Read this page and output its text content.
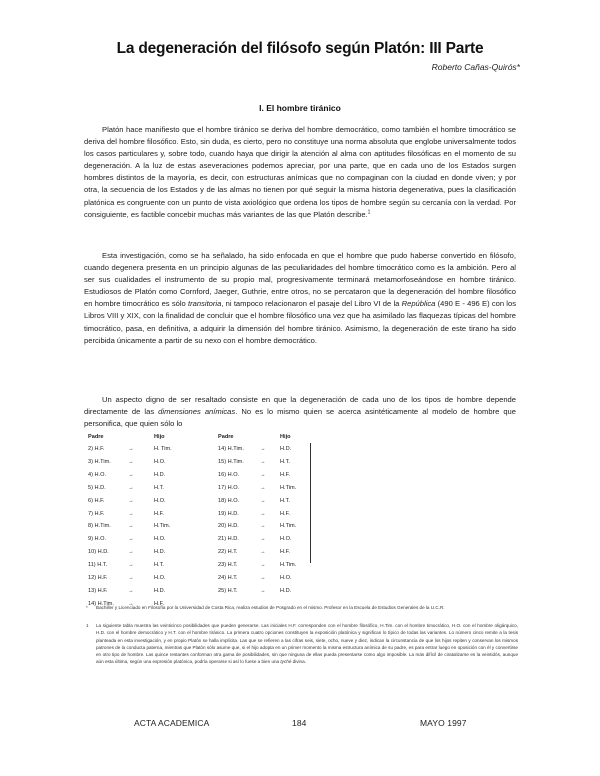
La degeneración del filósofo según Platón: III Parte
Roberto Cañas-Quirós*
I. El hombre tiránico

Platón hace manifiesto que el hombre tiránico se deriva del hombre democrático, como también el hombre timocrático se deriva del hombre filosófico. Esto, sin duda, es cierto, pero no constituye una norma absoluta que englobe universalmente todos los casos particulares y, sobre todo, cuando haya que dirigir la atención al alma con aptitudes filosóficas en el momento de su degeneración. A la luz de estas aseveraciones podemos apreciar, por una parte, que en cada uno de los Estados surgen hombres distintos de la mayoría, es decir, con estructuras anímicas que no compaginan con la ciudad en donde viven; y por otra, la secuencia de los Estados y de las almas no tienen por qué seguir la misma historia degenerativa, pues la clasificación platónica es congruente con un punto de vista axiológico que ordena los tipos de hombre según su cercanía con la verdad. Por consiguiente, es factible concebir muchas más variantes de las que Platón describe.$^1$

Esta investigación, como se ha señalado, ha sido enfocada en que el hombre que pudo haberse convertido en filósofo, cuando degenera presenta en un principio algunas de las peculiaridades del hombre timocrático como es la ambición. Pero al ser sus cualidades el instrumento de su propio mal, progresivamente terminará metamorfoseándose en hombre tiránico. Estudiosos de Platón como Cornford, Jaeger, Guthrie, entre otros, no se percataron que la degeneración del hombre filosófico en hombre timocrático es sólo transitoria, ni tampoco relacionaron el pasaje del Libro VI de la República (490 E - 496 E) con los Libros VIII y XIX, con la finalidad de concluir que el hombre filosófico una vez que ha asimilado las flaquezas típicas del hombre timocrático, pasa, en definitiva, a adquirir la dimensión del hombre tiránico. Asimismo, la degeneración de este tirano ha sido percibida únicamente a partir de su nexo con el hombre democrático.

Un aspecto digno de ser resaltado consiste en que la degeneración de cada uno de los tipos de hombre depende directamente de las dimensiones anímicas. No es lo mismo quien se acerca asintéticamente al modelo de hombre que personifica, que quien sólo lo

Padre	Hijo	Padre	Hijo
2) H.F.	→	H. Tim.
3) H.Tim.	→	H.O.
4) H.O.	→	H.D.
5) H.D.	→	H.T.
6) H.F.	→	H.O.
7) H.F.	→	H.F.
8) H.Tim.	→	H.Tim.
9) H.O.	→	H.O.
10) H.D.	→	H.D.
11) H.T.	→	H.T.
12) H.F.	→	H.O.
13) H.F.	→	H.D.
14) H.Tim.	→	H.F.
14) H.Tim.	→	H.D.
15) H.Tim.	→	H.T.
16) H.O.	→	H.F.
17) H.O.	→	H.Tim.
18) H.O.	→	H.T.
19) H.D.	→	H.F.
20) H.D.	→	H.Tim.
21) H.D.	→	H.O.
22) H.T.	→	H.F.
23) H.T.	→	H.Tim.
24) H.T.	→	H.O.
25) H.T.	→	H.D.
*	Bachiller y Licenciado en Filosofía por la Universidad de Costa Rica, realiza estudios de Posgrado en el mismo. Profesor en la Escuela de Estudios Generales de la U.C.R.
1	La siguiente tabla muestra las veinticinco posibilidades que pueden generarse. Las iniciales H.F. corresponden con el hombre filosófico, H.Tim. con el hombre timocrático, H.O. con el hombre oligárquico, H.D. con el hombre democrático y H.T. con el hombre tiránico. La primera cuatro opciones constituyen la exposición platónica y significan lo típico de todas las variantes. Lo número cinco remite a la tesis planteada en esta investigación, y en propio Platón se halla implícita. Las que se refieren a las cifras seis, siete, ocho, nueve y diez, indican la circunstancia de que los hijos repiten y conservan los mismos patrones de la conducta paterna, mientras que Platón sólo asume que, si el hijo adopta en un primer momento la misma estructura anímica de su padre, es para entrar luego en oposición con él y convertirse en otro tipo de hombre. Las quince restantes conforman otra gama de posibilidades, sin que ninguna de ellas pueda presentarse como algo imposible. La más difícil de ciratalizarse es la veintidós, aunque aún esta última, según una expresión platónica, podría operarse si así lo fuese a bien una tyché divina.
ACTA ACADEMICA	184	MAYO 1997
